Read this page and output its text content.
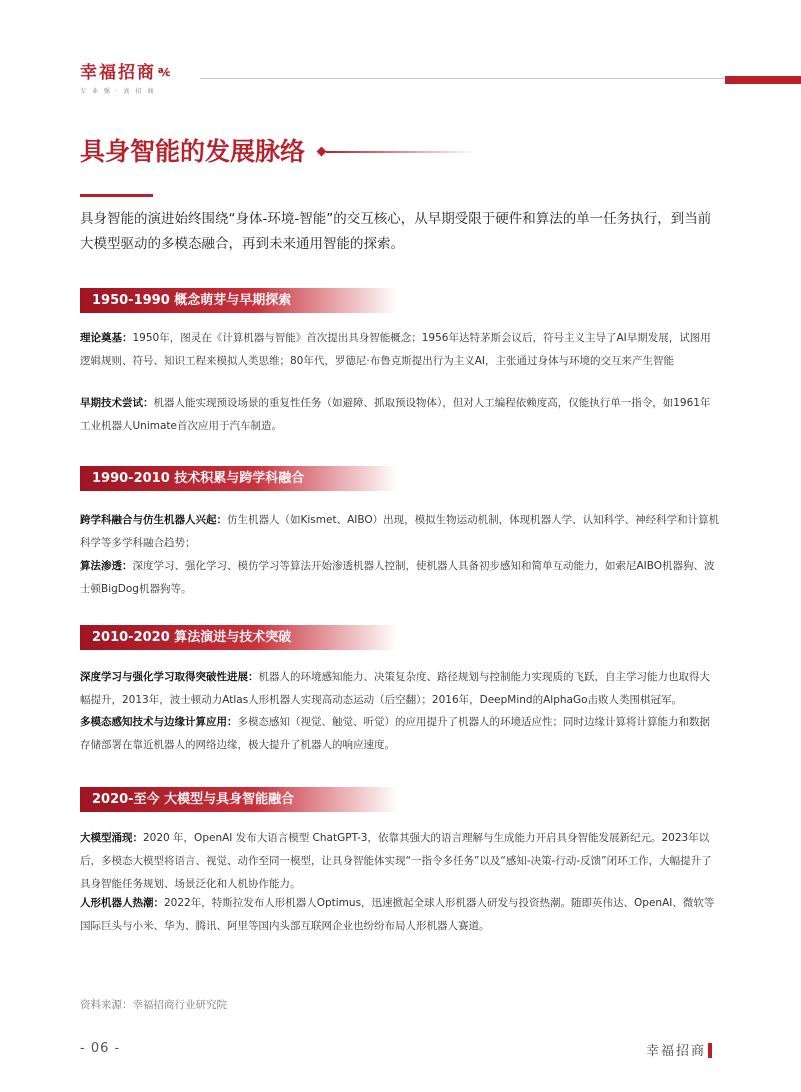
幸福招商 ℀
专 业 强 · 真 招 商
具身智能的发展脉络

具身智能的演进始终围绕“身体-环境-智能”的交互核心，从早期受限于硬件和算法的单一任务执行，到当前大模型驱动的多模态融合，再到未来通用智能的探索。

1950-1990 概念萌芽与早期探索

理论奠基：1950年，图灵在《计算机器与智能》首次提出具身智能概念；1956年达特茅斯会议后，符号主义主导了AI早期发展，试图用逻辑规则、符号、知识工程来模拟人类思维；80年代，罗德尼·布鲁克斯提出行为主义AI，主张通过身体与环境的交互来产生智能

早期技术尝试：机器人能实现预设场景的重复性任务（如避障、抓取预设物体），但对人工编程依赖度高，仅能执行单一指令，如1961年工业机器人Unimate首次应用于汽车制造。

1990-2010 技术积累与跨学科融合

跨学科融合与仿生机器人兴起：仿生机器人（如Kismet、AIBO）出现，模拟生物运动机制，体现机器人学、认知科学、神经科学和计算机科学等多学科融合趋势；

算法渗透：深度学习、强化学习、模仿学习等算法开始渗透机器人控制，使机器人具备初步感知和简单互动能力，如索尼AIBO机器狗、波士顿BigDog机器狗等。

2010-2020 算法演进与技术突破

深度学习与强化学习取得突破性进展：机器人的环境感知能力、决策复杂度、路径规划与控制能力实现质的飞跃，自主学习能力也取得大幅提升，2013年，波士顿动力Atlas人形机器人实现高动态运动（后空翻）；2016年，DeepMind的AlphaGo击败人类围棋冠军。

多模态感知技术与边缘计算应用：多模态感知（视觉、触觉、听觉）的应用提升了机器人的环境适应性；同时边缘计算将计算能力和数据存储部署在靠近机器人的网络边缘，极大提升了机器人的响应速度。

2020-至今 大模型与具身智能融合

大模型涌现：2020 年，OpenAI 发布大语言模型 ChatGPT-3，依靠其强大的语言理解与生成能力开启具身智能发展新纪元。2023年以后，多模态大模型将语言、视觉、动作至同一模型，让具身智能体实现“一指令多任务”以及“感知-决策-行动-反馈”闭环工作，大幅提升了具身智能任务规划、场景泛化和人机协作能力。

人形机器人热潮：2022年，特斯拉发布人形机器人Optimus，迅速掀起全球人形机器人研发与投资热潮。随即英伟达、OpenAI、微软等国际巨头与小米、华为、腾讯、阿里等国内头部互联网企业也纷纷布局人形机器人赛道。

资料来源：幸福招商行业研究院
- 06 -	幸福招商
